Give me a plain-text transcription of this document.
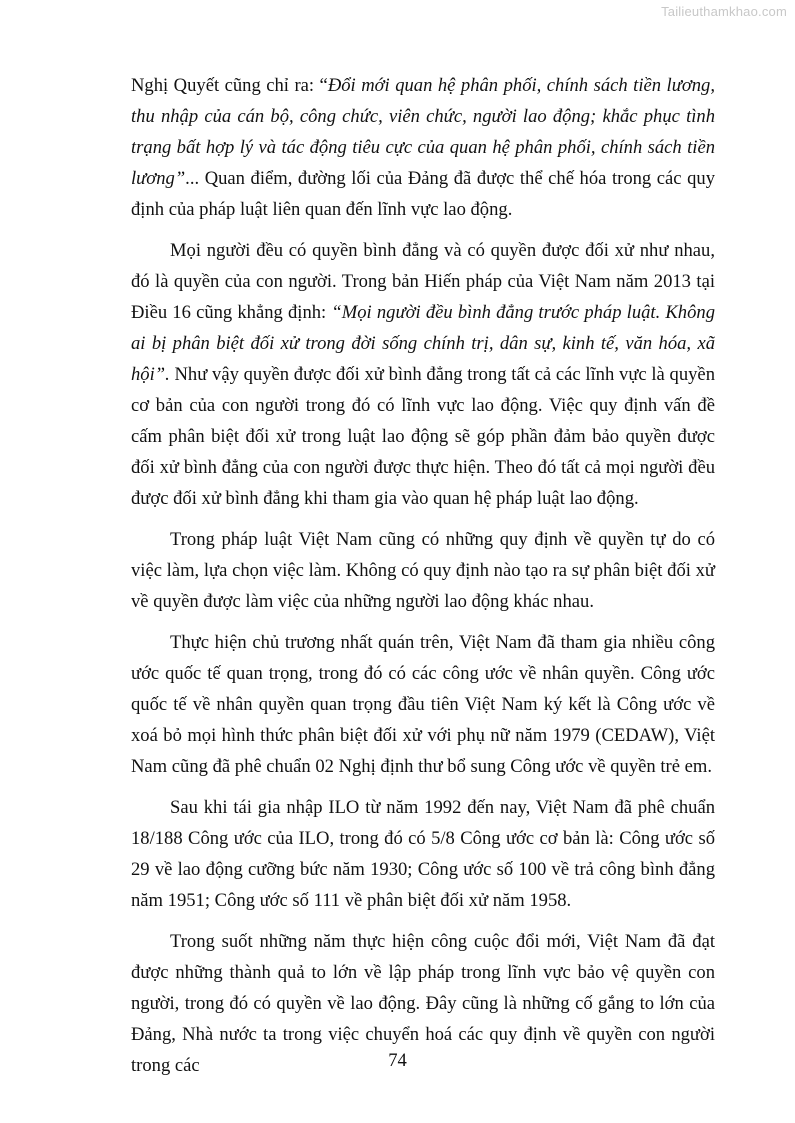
Tailieuthamkhao.com

Nghị Quyết cũng chỉ ra: “Đổi mới quan hệ phân phối, chính sách tiền lương, thu nhập của cán bộ, công chức, viên chức, người lao động; khắc phục tình trạng bất hợp lý và tác động tiêu cực của quan hệ phân phối, chính sách tiền lương”... Quan điểm, đường lối của Đảng đã được thể chế hóa trong các quy định của pháp luật liên quan đến lĩnh vực lao động.

Mọi người đều có quyền bình đẳng và có quyền được đối xử như nhau, đó là quyền của con người. Trong bản Hiến pháp của Việt Nam năm 2013 tại Điều 16 cũng khẳng định: “Mọi người đều bình đẳng trước pháp luật. Không ai bị phân biệt đối xử trong đời sống chính trị, dân sự, kinh tế, văn hóa, xã hội”. Như vậy quyền được đối xử bình đẳng trong tất cả các lĩnh vực là quyền cơ bản của con người trong đó có lĩnh vực lao động. Việc quy định vấn đề cấm phân biệt đối xử trong luật lao động sẽ góp phần đảm bảo quyền được đối xử bình đẳng của con người được thực hiện. Theo đó tất cả mọi người đều được đối xử bình đẳng khi tham gia vào quan hệ pháp luật lao động.

Trong pháp luật Việt Nam cũng có những quy định về quyền tự do có việc làm, lựa chọn việc làm. Không có quy định nào tạo ra sự phân biệt đối xử về quyền được làm việc của những người lao động khác nhau.

Thực hiện chủ trương nhất quán trên, Việt Nam đã tham gia nhiều công ước quốc tế quan trọng, trong đó có các công ước về nhân quyền. Công ước quốc tế về nhân quyền quan trọng đầu tiên Việt Nam ký kết là Công ước về xoá bỏ mọi hình thức phân biệt đối xử với phụ nữ năm 1979 (CEDAW), Việt Nam cũng đã phê chuẩn 02 Nghị định thư bổ sung Công ước về quyền trẻ em.

Sau khi tái gia nhập ILO từ năm 1992 đến nay, Việt Nam đã phê chuẩn 18/188 Công ước của ILO, trong đó có 5/8 Công ước cơ bản là: Công ước số 29 về lao động cưỡng bức năm 1930; Công ước số 100 về trả công bình đẳng năm 1951; Công ước số 111 về phân biệt đối xử năm 1958.

Trong suốt những năm thực hiện công cuộc đổi mới, Việt Nam đã đạt được những thành quả to lớn về lập pháp trong lĩnh vực bảo vệ quyền con người, trong đó có quyền về lao động. Đây cũng là những cố gắng to lớn của Đảng, Nhà nước ta trong việc chuyển hoá các quy định về quyền con người trong các	74
